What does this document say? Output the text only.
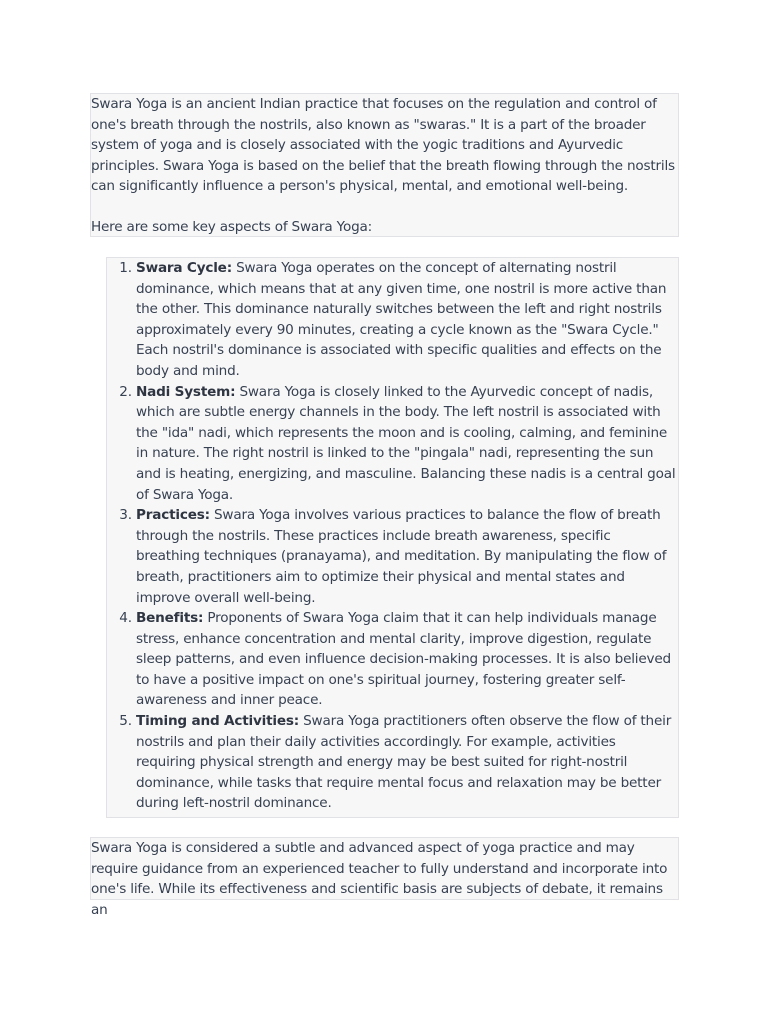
Swara Yoga is an ancient Indian practice that focuses on the regulation and control of one's breath through the nostrils, also known as "swaras." It is a part of the broader system of yoga and is closely associated with the yogic traditions and Ayurvedic principles. Swara Yoga is based on the belief that the breath flowing through the nostrils can significantly influence a person's physical, mental, and emotional well-being.

Here are some key aspects of Swara Yoga:

1. Swara Cycle: Swara Yoga operates on the concept of alternating nostril dominance, which means that at any given time, one nostril is more active than the other. This dominance naturally switches between the left and right nostrils approximately every 90 minutes, creating a cycle known as the "Swara Cycle." Each nostril's dominance is associated with specific qualities and effects on the body and mind.
2. Nadi System: Swara Yoga is closely linked to the Ayurvedic concept of nadis, which are subtle energy channels in the body. The left nostril is associated with the "ida" nadi, which represents the moon and is cooling, calming, and feminine in nature. The right nostril is linked to the "pingala" nadi, representing the sun and is heating, energizing, and masculine. Balancing these nadis is a central goal of Swara Yoga.
3. Practices: Swara Yoga involves various practices to balance the flow of breath through the nostrils. These practices include breath awareness, specific breathing techniques (pranayama), and meditation. By manipulating the flow of breath, practitioners aim to optimize their physical and mental states and improve overall well-being.
4. Benefits: Proponents of Swara Yoga claim that it can help individuals manage stress, enhance concentration and mental clarity, improve digestion, regulate sleep patterns, and even influence decision-making processes. It is also believed to have a positive impact on one's spiritual journey, fostering greater self-awareness and inner peace.
5. Timing and Activities: Swara Yoga practitioners often observe the flow of their nostrils and plan their daily activities accordingly. For example, activities requiring physical strength and energy may be best suited for right-nostril dominance, while tasks that require mental focus and relaxation may be better during left-nostril dominance.

Swara Yoga is considered a subtle and advanced aspect of yoga practice and may require guidance from an experienced teacher to fully understand and incorporate into one's life. While its effectiveness and scientific basis are subjects of debate, it remains an
